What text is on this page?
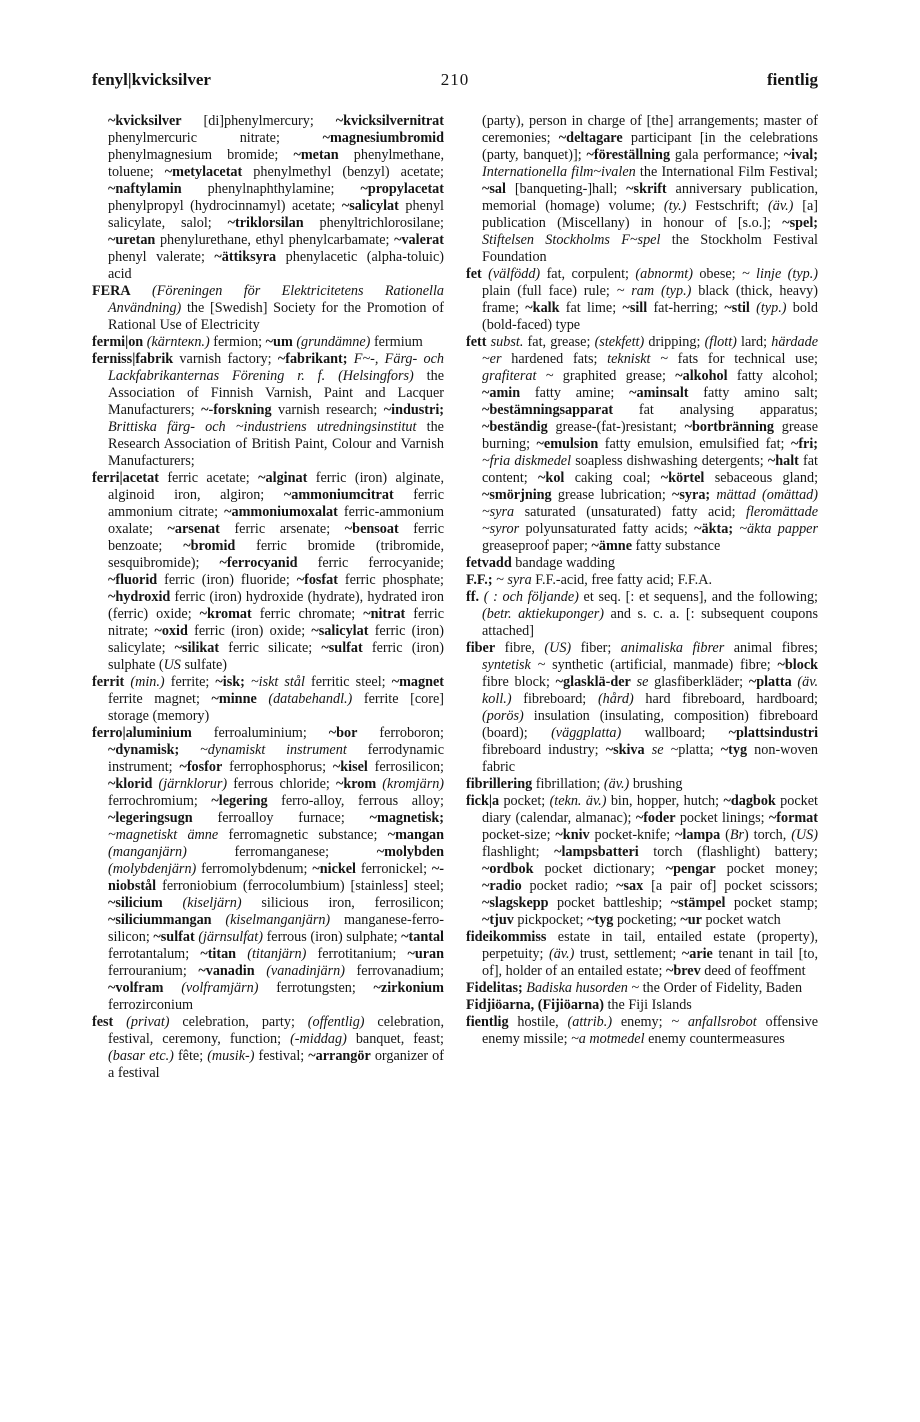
fenyl|kvicksilver	210	fientlig

~kvicksilver [di]phenylmercury; ~kvicksilvernitrat phenylmercuric nitrate; ~magnesiumbromid phenylmagnesium bromide; ~metan phenylmethane, toluene; ~metylacetat phenylmethyl (benzyl) acetate; ~naftylamin phenylnaphthylamine; ~propylacetat phenylpropyl (hydrocinnamyl) acetate; ~salicylat phenyl salicylate, salol; ~triklorsilan phenyltrichlorosilane; ~uretan phenylurethane, ethyl phenylcarbamate; ~valerat phenyl valerate; ~ättiksyra phenylacetic (alpha-toluic) acid

FERA (Föreningen för Elektricitetens Rationella Användning) the [Swedish] Society for the Promotion of Rational Use of Electricity

fermi|on (kärnteкn.) fermion; ~um (grundämne) fermium

ferniss|fabrik varnish factory; ~fabrikant; F~-, Färg- och Lackfabrikanternas Förening r. f. (Helsingfors) the Association of Finnish Varnish, Paint and Lacquer Manufacturers; ~-forskning varnish research; ~industri; Brittiska färg- och ~industriens utredningsinstitut the Research Association of British Paint, Colour and Varnish Manufacturers;

ferri|acetat ferric acetate; ~alginat ferric (iron) alginate, alginoid iron, algiron; ~ammoniumcitrat ferric ammonium citrate; ~ammoniumoxalat ferric-ammonium oxalate; ~arsenat ferric arsenate; ~bensoat ferric benzoate; ~bromid ferric bromide (tribromide, sesquibromide); ~ferrocyanid ferric ferrocyanide; ~fluorid ferric (iron) fluoride; ~fosfat ferric phosphate; ~hydroxid ferric (iron) hydroxide (hydrate), hydrated iron (ferric) oxide; ~kromat ferric chromate; ~nitrat ferric nitrate; ~oxid ferric (iron) oxide; ~salicylat ferric (iron) salicylate; ~silikat ferric silicate; ~sulfat ferric (iron) sulphate (US sulfate)

ferrit (min.) ferrite; ~isk; ~iskt stål ferritic steel; ~magnet ferrite magnet; ~minne (databehandl.) ferrite [core] storage (memory)

ferro|aluminium ferroaluminium; ~bor ferroboron; ~dynamisk; ~dynamiskt instrument ferrodynamic instrument; ~fosfor ferrophosphorus; ~kisel ferrosilicon; ~klorid (järnklorur) ferrous chloride; ~krom (kromjärn) ferrochromium; ~legering ferro-alloy, ferrous alloy; ~legeringsugn ferroalloy furnace; ~magnetisk; ~magnetiskt ämne ferromagnetic substance; ~mangan (manganjärn) ferromanganese; ~molybden (molybdenjärn) ferromolybdenum; ~nickel ferronickel; ~-niobstål ferroniobium (ferrocolumbium) [stainless] steel; ~silicium (kiseljärn) silicious iron, ferrosilicon; ~siliciummangan (kiselmanganjärn) manganese-ferro-silicon; ~sulfat (järnsulfat) ferrous (iron) sulphate; ~tantal ferrotantalum; ~titan (titanjärn) ferrotitanium; ~uran ferrouranium; ~vanadin (vanadinjärn) ferrovanadium; ~volfram (volframjärn) ferrotungsten; ~zirkonium ferrozirconium

fest (privat) celebration, party; (offentlig) celebration, festival, ceremony, function; (-middag) banquet, feast; (basar etc.) fête; (musik-) festival; ~arrangör organizer of a festival

(party), person in charge of [the] arrangements; master of ceremonies; ~deltagare participant [in the celebrations (party, banquet)]; ~föreställning gala performance; ~ival; Internationella film~ivalen the International Film Festival; ~sal [banqueting-]hall; ~skrift anniversary publication, memorial (homage) volume; (ty.) Festschrift; (äv.) [a] publication (Miscellany) in honour of [s.o.]; ~spel; Stiftelsen Stockholms F~spel the Stockholm Festival Foundation

fet (välfödd) fat, corpulent; (abnormt) obese; ~ linje (typ.) plain (full face) rule; ~ ram (typ.) black (thick, heavy) frame; ~kalk fat lime; ~sill fat-herring; ~stil (typ.) bold (bold-faced) type

fett subst. fat, grease; (stekfett) dripping; (flott) lard; härdade ~er hardened fats; tekniskt ~ fats for technical use; grafiterat ~ graphited grease; ~alkohol fatty alcohol; ~amin fatty amine; ~aminsalt fatty amino salt; ~bestämningsapparat fat analysing apparatus; ~beständig grease-(fat-)resistant; ~bortbränning grease burning; ~emulsion fatty emulsion, emulsified fat; ~fri; ~fria diskmedel soapless dishwashing detergents; ~halt fat content; ~kol caking coal; ~körtel sebaceous gland; ~smörjning grease lubrication; ~syra; mättad (omättad) ~syra saturated (unsaturated) fatty acid; fleromättade ~syror polyunsaturated fatty acids; ~äkta; ~äkta papper greaseproof paper; ~ämne fatty substance

fetvadd bandage wadding

F.F.; ~ syra F.F.-acid, free fatty acid; F.F.A.

ff. ( : och följande) et seq. [: et sequens], and the following; (betr. aktiekuponger) and s. c. a. [: subsequent coupons attached]

fiber fibre, (US) fiber; animaliska fibrer animal fibres; syntetisk ~ synthetic (artificial, manmade) fibre; ~block fibre block; ~glasklä-der se glasfiberkläder; ~platta (äv. koll.) fibreboard; (hård) hard fibreboard, hardboard; (porös) insulation (insulating, composition) fibreboard (board); (väggplatta) wallboard; ~plattsindustri fibreboard industry; ~skiva se ~platta; ~tyg non-woven fabric

fibrillering fibrillation; (äv.) brushing

fick|a pocket; (tekn. äv.) bin, hopper, hutch; ~dagbok pocket diary (calendar, almanac); ~foder pocket linings; ~format pocket-size; ~kniv pocket-knife; ~lampa (Br) torch, (US) flashlight; ~lampsbatteri torch (flashlight) battery; ~ordbok pocket dictionary; ~pengar pocket money; ~radio pocket radio; ~sax [a pair of] pocket scissors; ~slagskepp pocket battleship; ~stämpel pocket stamp; ~tjuv pickpocket; ~tyg pocketing; ~ur pocket watch

fideikommiss estate in tail, entailed estate (property), perpetuity; (äv.) trust, settlement; ~arie tenant in tail [to, of], holder of an entailed estate; ~brev deed of feoffment

Fidelitas; Badiska husorden ~ the Order of Fidelity, Baden

Fidjiöarna, (Fijiöarna) the Fiji Islands

fientlig hostile, (attrib.) enemy; ~ anfallsrobot offensive enemy missile; ~a motmedel enemy countermeasures
